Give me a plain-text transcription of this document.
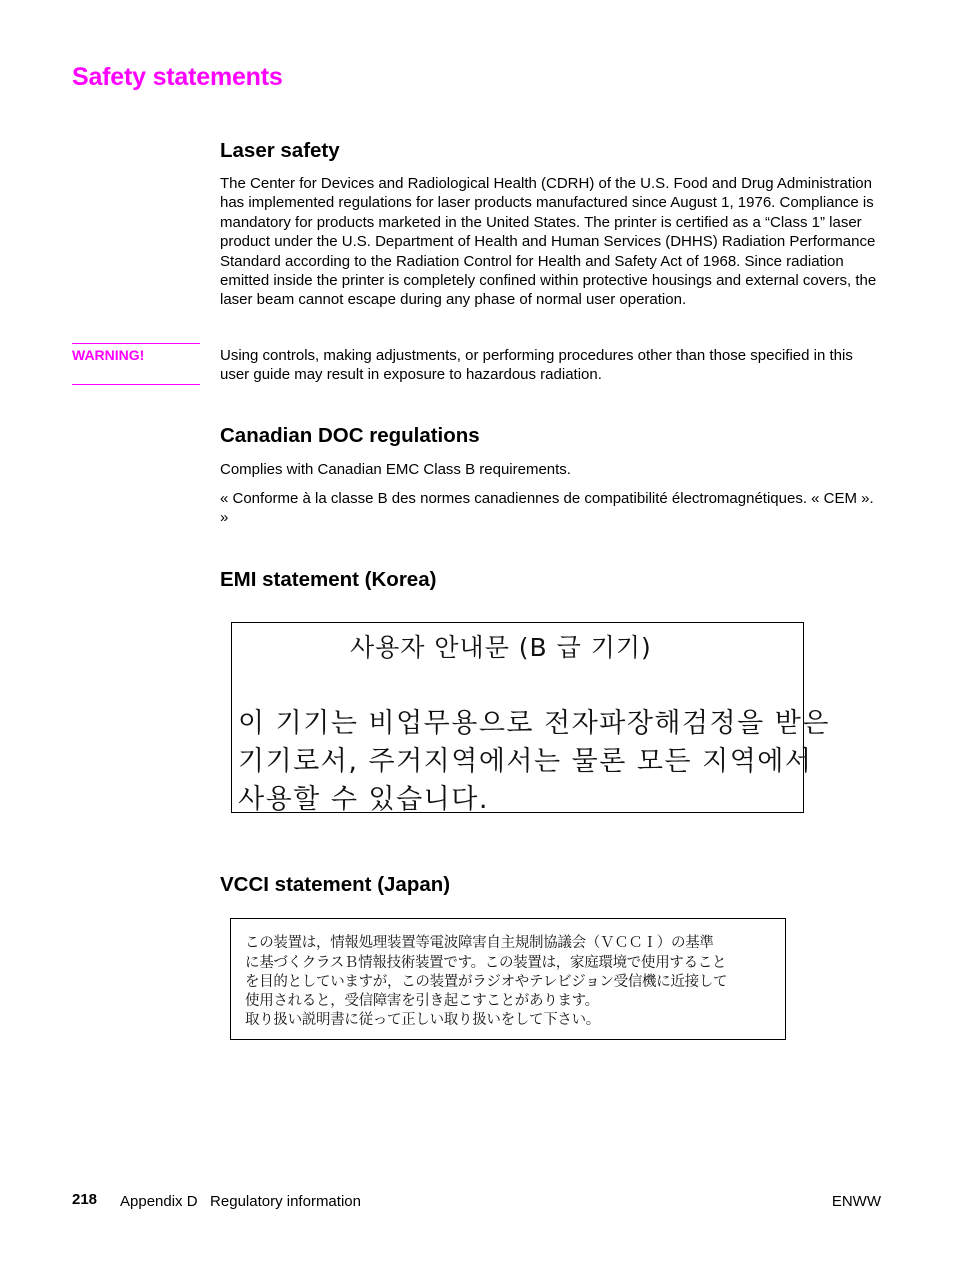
Safety statements
Laser safety

The Center for Devices and Radiological Health (CDRH) of the U.S. Food and Drug Administration has implemented regulations for laser products manufactured since August 1, 1976. Compliance is mandatory for products marketed in the United States. The printer is certified as a “Class 1” laser product under the U.S. Department of Health and Human Services (DHHS) Radiation Performance Standard according to the Radiation Control for Health and Safety Act of 1968. Since radiation emitted inside the printer is completely confined within protective housings and external covers, the laser beam cannot escape during any phase of normal user operation.

WARNING!	Using controls, making adjustments, or performing procedures other than those specified in this user guide may result in exposure to hazardous radiation.

Canadian DOC regulations

Complies with Canadian EMC Class B requirements.

« Conforme à la classe B des normes canadiennes de compatibilité électromagnétiques. « CEM ». »

EMI statement (Korea)
사용자 안내문 (B 급 기기)
이 기기는 비업무용으로 전자파장해검정을 받은
기기로서, 주거지역에서는 물론 모든 지역에서
사용할 수 있습니다.
VCCI statement (Japan)
この装置は，情報処理装置等電波障害自主規制協議会（ＶＣＣＩ）の基準
に基づくクラスＢ情報技術装置です。この装置は，家庭環境で使用すること
を目的としていますが，この装置がラジオやテレビジョン受信機に近接して
使用されると，受信障害を引き起こすことがあります。
取り扱い説明書に従って正しい取り扱いをして下さい。
218 Appendix D   Regulatory information	ENWW
